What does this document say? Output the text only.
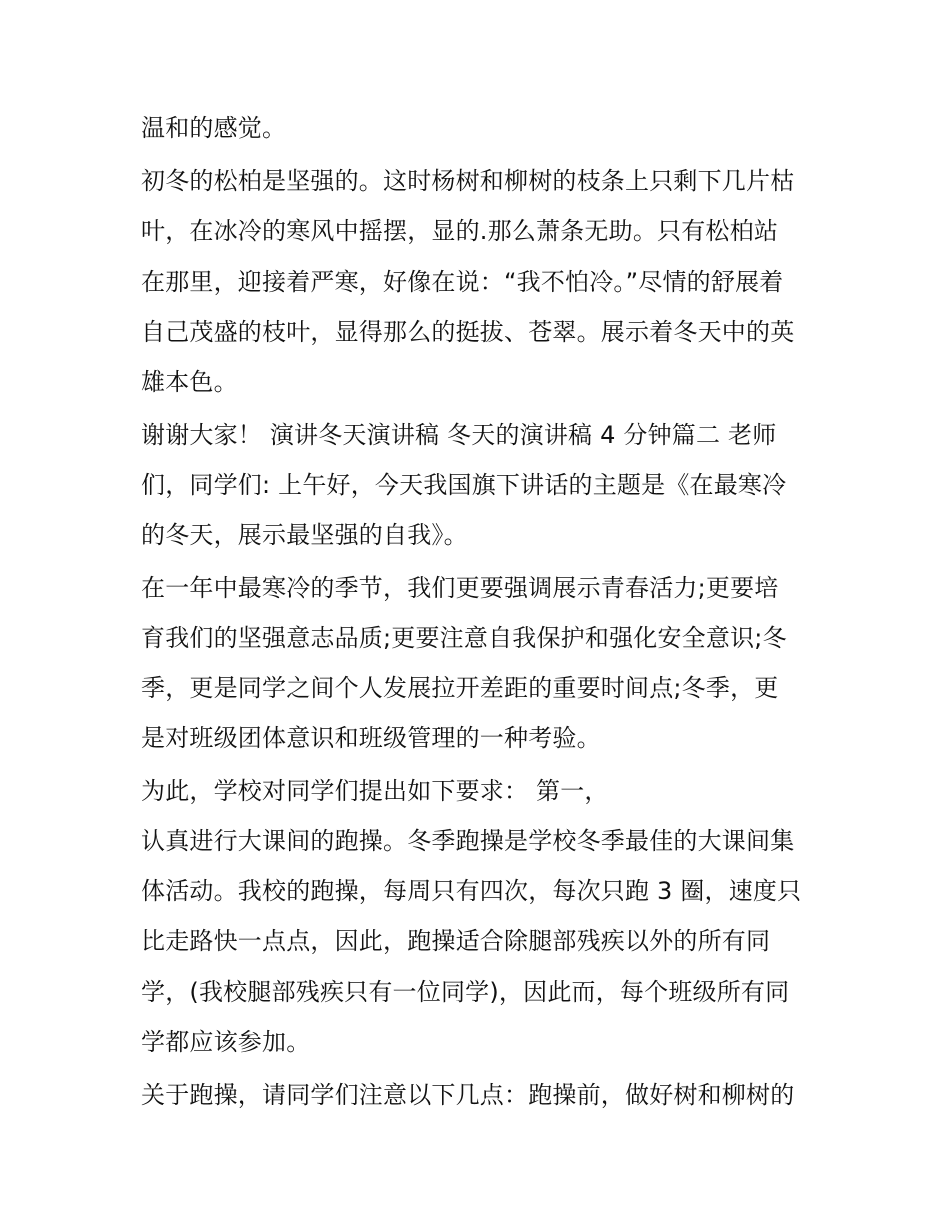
温和的感觉。
初冬的松柏是坚强的。这时杨树和柳树的枝条上只剩下几片枯
叶，在冰冷的寒风中摇摆，显的.那么萧条无助。只有松柏站
在那里，迎接着严寒，好像在说：“我不怕冷。”尽情的舒展着
自己茂盛的枝叶，显得那么的挺拔、苍翠。展示着冬天中的英
雄本色。
谢谢大家！ 演讲冬天演讲稿 冬天的演讲稿 4 分钟篇二 老师
们，同学们: 上午好，今天我国旗下讲话的主题是《在最寒冷
的冬天，展示最坚强的自我》。
在一年中最寒冷的季节，我们更要强调展示青春活力;更要培
育我们的坚强意志品质;更要注意自我保护和强化安全意识;冬
季，更是同学之间个人发展拉开差距的重要时间点;冬季，更
是对班级团体意识和班级管理的一种考验。
为此，学校对同学们提出如下要求： 第一，
认真进行大课间的跑操。冬季跑操是学校冬季最佳的大课间集
体活动。我校的跑操，每周只有四次，每次只跑 3 圈，速度只
比走路快一点点，因此，跑操适合除腿部残疾以外的所有同
学，(我校腿部残疾只有一位同学)，因此而，每个班级所有同
学都应该参加。
关于跑操，请同学们注意以下几点：跑操前，做好树和柳树的
